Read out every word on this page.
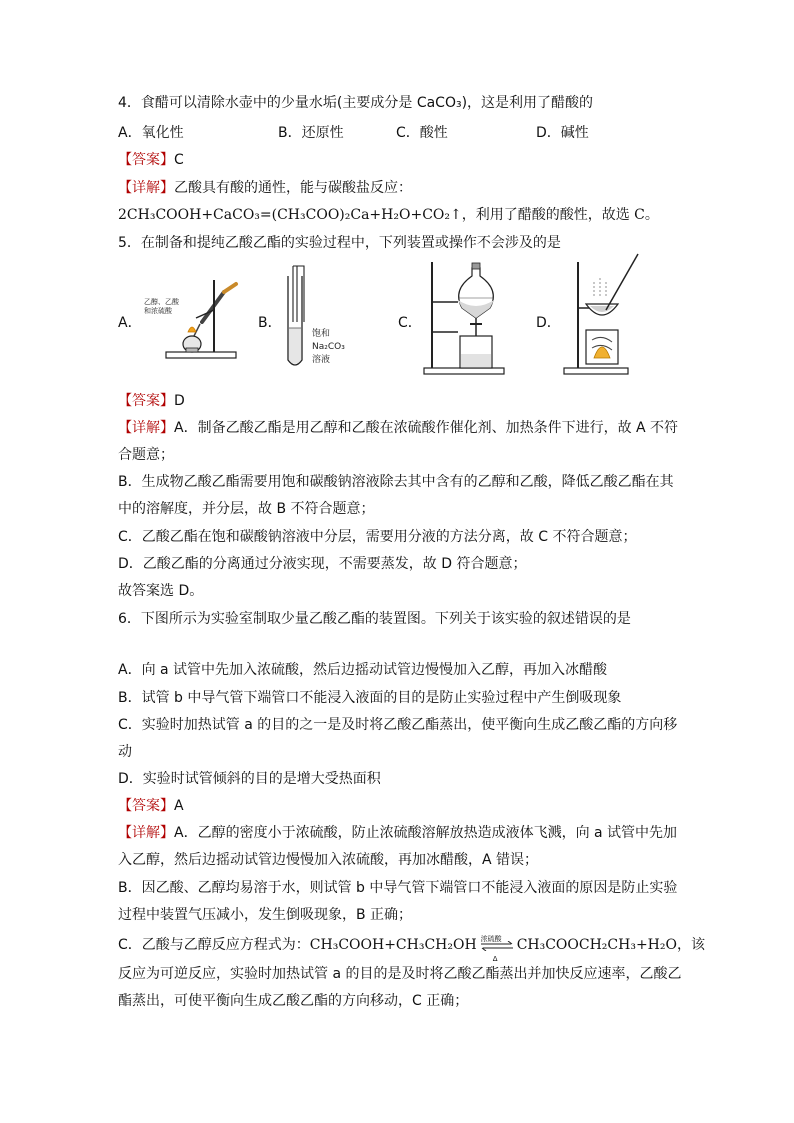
4．食醋可以清除水壶中的少量水垢(主要成分是 CaCO₃)，这是利用了醋酸的
A．氧化性	B．还原性	C．酸性	D．碱性
【答案】C
【详解】乙酸具有酸的通性，能与碳酸盐反应：
2CH₃COOH+CaCO₃=(CH₃COO)₂Ca+H₂O+CO₂↑，利用了醋酸的酸性，故选 C。
5．在制备和提纯乙酸乙酯的实验过程中，下列装置或操作不会涉及的是
A．	B．	C．	D．
乙醇、乙酸
和浓硫酸
饱和
Na₂CO₃
溶液
【答案】D
【详解】A．制备乙酸乙酯是用乙醇和乙酸在浓硫酸作催化剂、加热条件下进行，故 A 不符
合题意；
B．生成物乙酸乙酯需要用饱和碳酸钠溶液除去其中含有的乙醇和乙酸，降低乙酸乙酯在其
中的溶解度，并分层，故 B 不符合题意；
C．乙酸乙酯在饱和碳酸钠溶液中分层，需要用分液的方法分离，故 C 不符合题意；
D．乙酸乙酯的分离通过分液实现，不需要蒸发，故 D 符合题意；
故答案选 D。
6．下图所示为实验室制取少量乙酸乙酯的装置图。下列关于该实验的叙述错误的是
A．向 a 试管中先加入浓硫酸，然后边摇动试管边慢慢加入乙醇，再加入冰醋酸
B．试管 b 中导气管下端管口不能浸入液面的目的是防止实验过程中产生倒吸现象
C．实验时加热试管 a 的目的之一是及时将乙酸乙酯蒸出，使平衡向生成乙酸乙酯的方向移
动
D．实验时试管倾斜的目的是增大受热面积
【答案】A
【详解】A．乙醇的密度小于浓硫酸，防止浓硫酸溶解放热造成液体飞溅，向 a 试管中先加
入乙醇，然后边摇动试管边慢慢加入浓硫酸，再加冰醋酸，A 错误；
B．因乙酸、乙醇均易溶于水，则试管 b 中导气管下端管口不能浸入液面的原因是防止实验
过程中装置气压减小，发生倒吸现象，B 正确；
C．乙酸与乙醇反应方程式为：CH₃COOH+CH₃CH₂OH 浓硫酸
Δ
CH₃COOCH₂CH₃+H₂O，该
反应为可逆反应，实验时加热试管 a 的目的是及时将乙酸乙酯蒸出并加快反应速率，乙酸乙
酯蒸出，可使平衡向生成乙酸乙酯的方向移动，C 正确；
